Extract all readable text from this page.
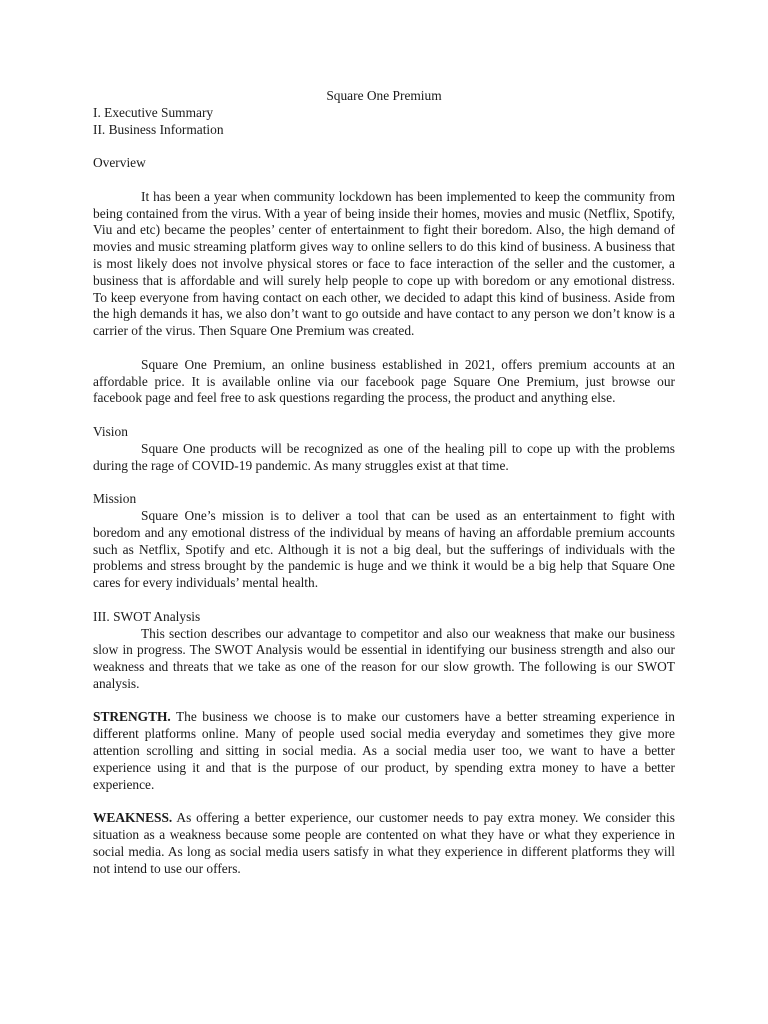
Square One Premium

I. Executive Summary

II. Business Information

Overview

It has been a year when community lockdown has been implemented to keep the community from being contained from the virus. With a year of being inside their homes, movies and music (Netflix, Spotify, Viu and etc) became the peoples’ center of entertainment to fight their boredom. Also, the high demand of movies and music streaming platform gives way to online sellers to do this kind of business. A business that is most likely does not involve physical stores or face to face interaction of the seller and the customer, a business that is affordable and will surely help people to cope up with boredom or any emotional distress. To keep everyone from having contact on each other, we decided to adapt this kind of business. Aside from the high demands it has, we also don’t want to go outside and have contact to any person we don’t know is a carrier of the virus. Then Square One Premium was created.

Square One Premium, an online business established in 2021, offers premium accounts at an affordable price. It is available online via our facebook page Square One Premium, just browse our facebook page and feel free to ask questions regarding the process, the product and anything else.

Vision

Square One products will be recognized as one of the healing pill to cope up with the problems during the rage of COVID-19 pandemic. As many struggles exist at that time.

Mission

Square One’s mission is to deliver a tool that can be used as an entertainment to fight with boredom and any emotional distress of the individual by means of having an affordable premium accounts such as Netflix, Spotify and etc. Although it is not a big deal, but the sufferings of individuals with the problems and stress brought by the pandemic is huge and we think it would be a big help that Square One cares for every individuals’ mental health.

III. SWOT Analysis

This section describes our advantage to competitor and also our weakness that make our business slow in progress. The SWOT Analysis would be essential in identifying our business strength and also our weakness and threats that we take as one of the reason for our slow growth. The following is our SWOT analysis.

STRENGTH. The business we choose is to make our customers have a better streaming experience in different platforms online. Many of people used social media everyday and sometimes they give more attention scrolling and sitting in social media. As a social media user too, we want to have a better experience using it and that is the purpose of our product, by spending extra money to have a better experience.

WEAKNESS. As offering a better experience, our customer needs to pay extra money. We consider this situation as a weakness because some people are contented on what they have or what they experience in social media. As long as social media users satisfy in what they experience in different platforms they will not intend to use our offers.
